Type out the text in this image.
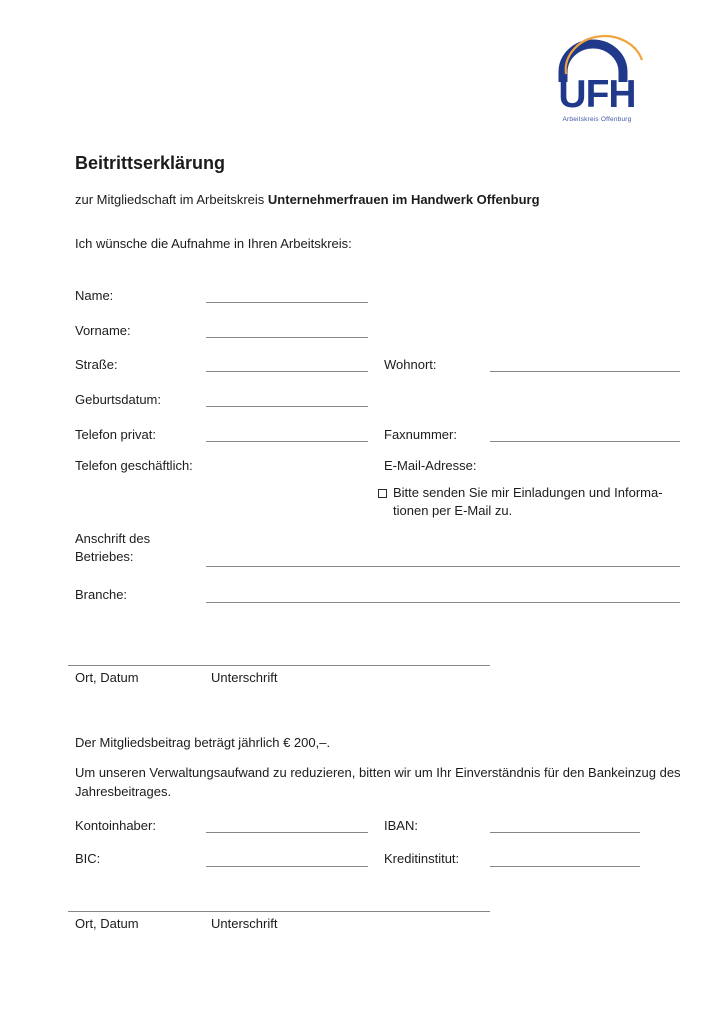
UFH
Arbeitskreis Offenburg
Beitrittserklärung
zur Mitgliedschaft im Arbeitskreis Unternehmerfrauen im Handwerk Offenburg
Ich wünsche die Aufnahme in Ihren Arbeitskreis:
Name:
Vorname:
Straße:	Wohnort:
Geburtsdatum:
Telefon privat:	Faxnummer:
Telefon geschäftlich:	E-Mail-Adresse:
Bitte senden Sie mir Einladungen und Informa-
tionen per E-Mail zu.
Anschrift des
Betriebes:
Branche:
Ort, Datum	Unterschrift
Der Mitgliedsbeitrag beträgt jährlich € 200,–.
Um unseren Verwaltungsaufwand zu reduzieren, bitten wir um Ihr Einverständnis für den Bankeinzug des Jahresbeitrages.
Kontoinhaber:	IBAN:
BIC:	Kreditinstitut:
Ort, Datum	Unterschrift
